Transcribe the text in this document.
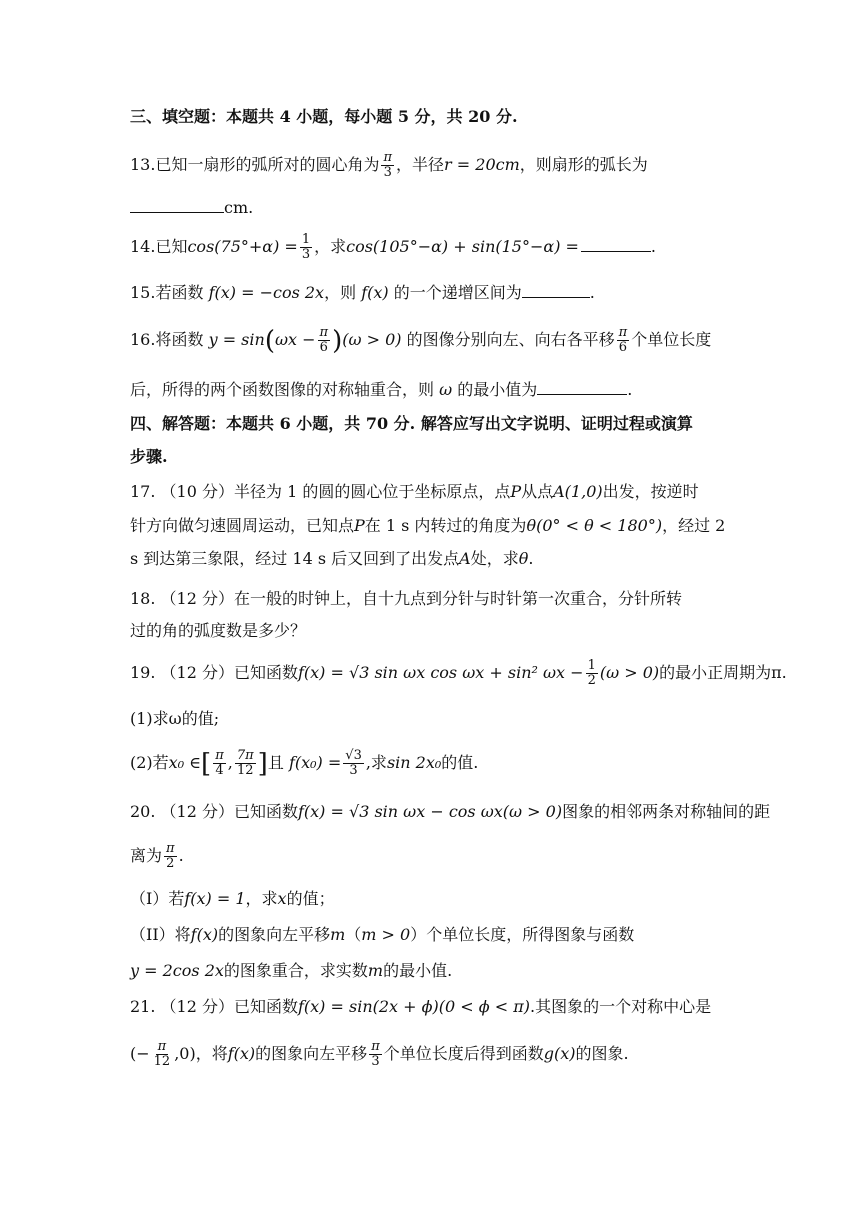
三、填空题：本题共 4 小题，每小题 5 分，共 20 分.
13.已知一扇形的弧所对的圆心角为 $\frac{\pi}{3}$ ，半径r = 20cm，则扇形的弧长为
cm.
14.已知$\cos(75^\circ+\alpha) = \frac{1}{3}$ ，求cos(105°−α) + sin(15°−α) =	.
15.若函数 f(x) = −cos 2x，则 f(x) 的一个递增区间为	.
16.将函数 $y = \sin(\omega x - \frac{\pi}{6} )(\omega > 0)$ 的图像分别向左、向右各平移 $\frac{\pi}{6}$ 个单位长度
后，所得的两个函数图像的对称轴重合，则 ω 的最小值为	.
四、解答题：本题共 6 小题，共 70 分. 解答应写出文字说明、证明过程或演算
步骤.
17. （10 分）半径为 1 的圆的圆心位于坐标原点，点P从点A(1,0)出发，按逆时
针方向做匀速圆周运动，已知点P在 1 s 内转过的角度为θ(0° < θ < 180°)，经过 2
s 到达第三象限，经过 14 s 后又回到了出发点A处，求θ.
18. （12 分）在一般的时钟上，自十九点到分针与时针第一次重合，分针所转
过的角的弧度数是多少？
19. （12 分）已知函数f(x) = √3 sin ωx cos ωx + sin² $\omega x - \frac{1}{2} (\omega > 0)$的最小正周期为π.
(1)求ω的值;
(2)若x₀ ∈[ $\frac{\pi}{4}$ , $\frac{7\pi}{12}$ ]且 $f(x_0) = \frac{√3}{3}$ ,求sin 2x₀的值.
20. （12 分）已知函数f(x) = √3 sin ωx − cos ωx(ω > 0)图象的相邻两条对称轴间的距
离为 $\frac{\pi}{2}$ .
（I）若f(x) = 1，求x的值；
（II）将f(x)的图象向左平移m（m > 0）个单位长度，所得图象与函数
y = 2cos 2x的图象重合，求实数m的最小值.
21. （12 分）已知函数f(x) = sin(2x + ϕ)(0 < ϕ < π).其图象的一个对称中心是
(− $\frac{\pi}{12} ,0$)，将f(x)的图象向左平移 $\frac{\pi}{3}$ 个单位长度后得到函数g(x)的图象.
